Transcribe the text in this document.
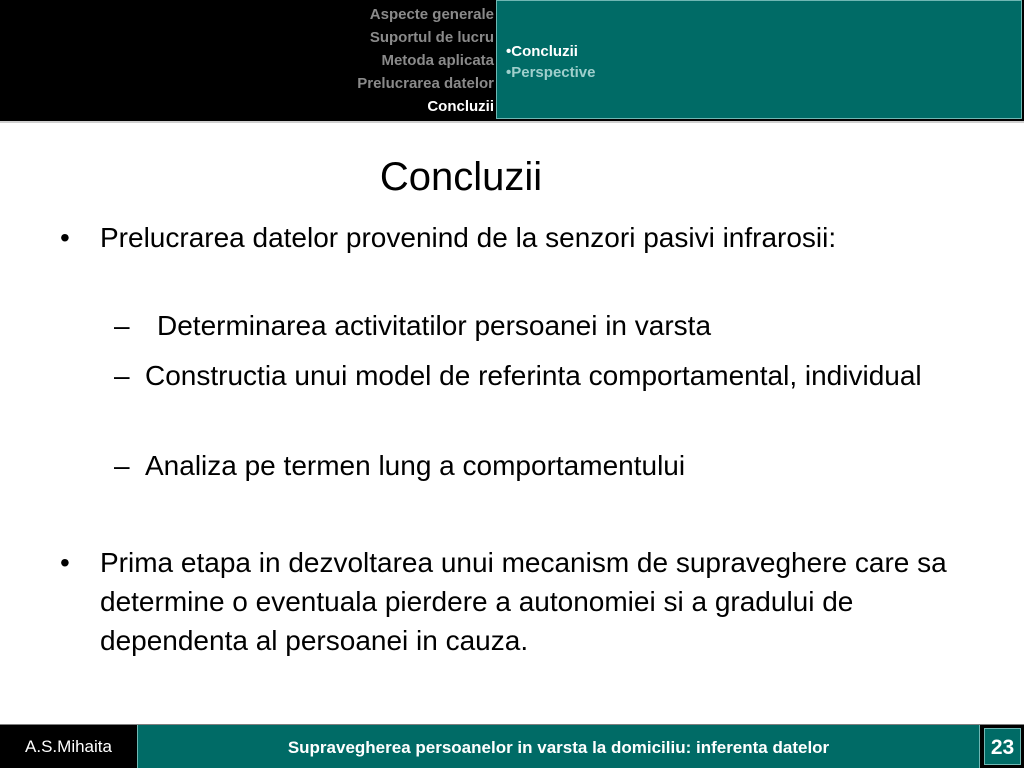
Aspecte generale
Suportul de lucru
Metoda aplicata
Prelucrarea datelor
Concluzii
•Concluzii
•Perspective
Concluzii
• Prelucrarea datelor provenind de la senzori pasivi infrarosii:
– Determinarea activitatilor persoanei in varsta
– Constructia unui model de referinta comportamental, individual
– Analiza pe termen lung a comportamentului
• Prima etapa in dezvoltarea unui mecanism de supraveghere care sa determine o eventuala pierdere a autonomiei si a gradului de dependenta al persoanei in cauza.
A.S.Mihaita	Supravegherea persoanelor in varsta la domiciliu: inferenta datelor	23
